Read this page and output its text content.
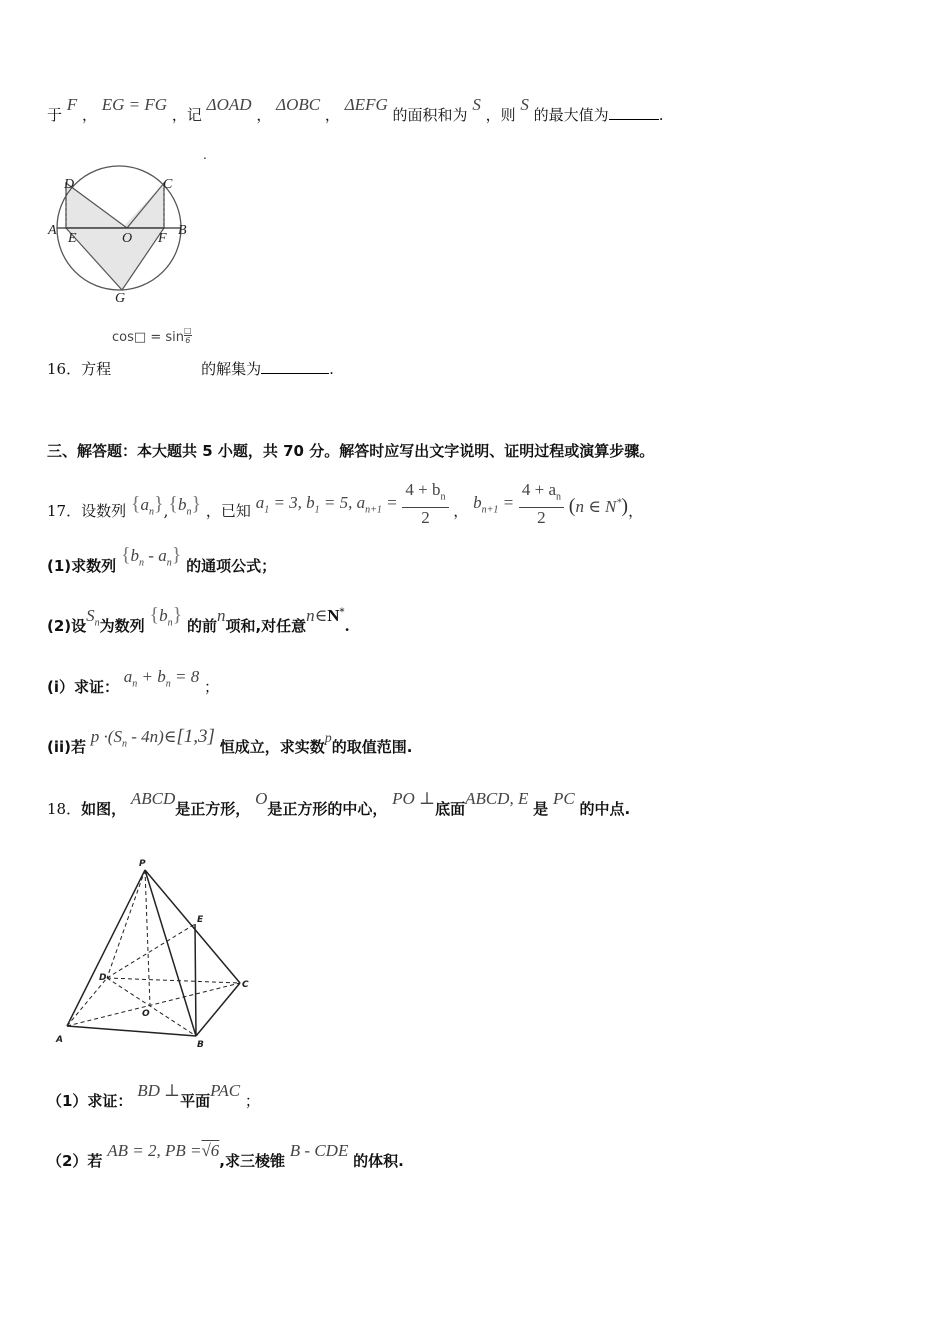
于 F ， EG = FG ，记 ΔOAD ， ΔOBC ， ΔEFG 的面积和为 S ，则 S 的最大值为	.
.
D	C
A
E	O F
B
G
cos□ = sin □
6
16．方程	的解集为	.
三、解答题：本大题共 5 小题，共 70 分。解答时应写出文字说明、证明过程或演算步骤。
17．设数列 $\{a_n\},\{b_n\}$ ，已知 $a_1 = 3$, $b_1 = 5$, $a_{n+1} = \frac{4 + b_n}{2}$ ， $b_{n+1} = \frac{4 + a_n}{2} (n$ ∈ N*)，
(1)求数列 $\{b_n - a_n\}$ 的通项公式；
(2)设$S_n$为数列 $\{b_n\}$ 的前n项和,对任意n∈N*.
(i）求证： $a_n + b_n = 8$ ；
(ii)若 $p \cdot(S_n$ - 4n)∈[1,3] 恒成立，求实数p的取值范围.
18．如图， ABCD是正方形， O是正方形的中心， PO ⊥底面ABCD, E 是 PC 的中点.
P
E
D
C
O
A	B
（1）求证： BD ⊥平面PAC ；
（2）若 AB = 2, PB =√6,求三棱锥 B - CDE 的体积.
